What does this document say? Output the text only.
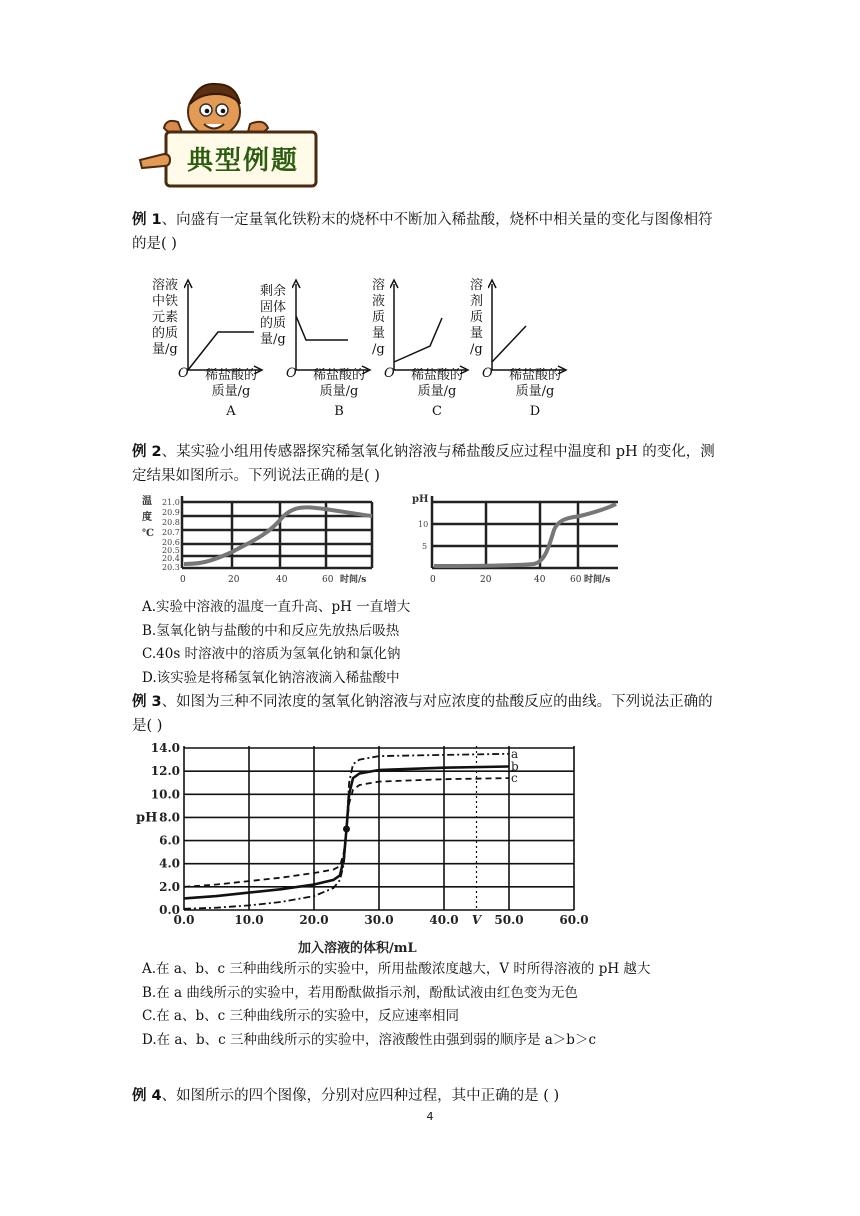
典型例题
例 1、向盛有一定量氧化铁粉末的烧杯中不断加入稀盐酸，烧杯中相关量的变化与图像相符
的是( )
溶液
中铁
元素
的质
量/g
O	稀盐酸的
质量/g
A
剩余
固体
的质
量/g
O	稀盐酸的
质量/g
B
溶
液
质
量
/g
O	稀盐酸的
质量/g
C
溶
剂
质
量
/g
O	稀盐酸的
质量/g
D
例 2、某实验小组用传感器探究稀氢氧化钠溶液与稀盐酸反应过程中温度和 pH 的变化，测
定结果如图所示。下列说法正确的是( )
温
度
℃
21.0
20.9
20.8
20.7
20.6
20.5
20.4
20.3
0	20	40	60 时间/s
pH
10
5
0	20	40	60 时间/s
A.实验中溶液的温度一直升高、pH 一直增大
B.氢氧化钠与盐酸的中和反应先放热后吸热
C.40s 时溶液中的溶质为氢氧化钠和氯化钠
D.该实验是将稀氢氧化钠溶液滴入稀盐酸中
例 3、如图为三种不同浓度的氢氧化钠溶液与对应浓度的盐酸反应的曲线。下列说法正确的
是( )
a
b
c
0.0
2.0
4.0
6.0
8.0
10.0
12.0
14.0
pH
0.0	10.0	20.0	30.0	40.0 V 50.0	60.0
加入溶液的体积/mL
A.在 a、b、c 三种曲线所示的实验中，所用盐酸浓度越大，V 时所得溶液的 pH 越大
B.在 a 曲线所示的实验中，若用酚酞做指示剂，酚酞试液由红色变为无色
C.在 a、b、c 三种曲线所示的实验中，反应速率相同
D.在 a、b、c 三种曲线所示的实验中，溶液酸性由强到弱的顺序是 a＞b＞c
例 4、如图所示的四个图像，分别对应四种过程，其中正确的是 ( )
4
